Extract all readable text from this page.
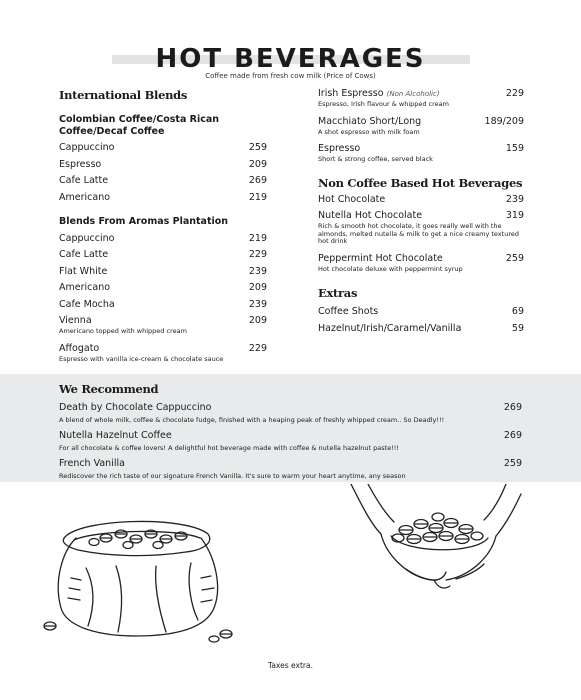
HOT BEVERAGES
Coffee made from fresh cow milk (Price of Cows)
International Blends
Colombian Coffee/Costa Rican Coffee/Decaf Coffee
Cappuccino	259
Espresso	209
Cafe Latte	269
Americano	219
Blends From Aromas Plantation
Cappuccino	219
Cafe Latte	229
Flat White	239
Americano	209
Cafe Mocha	239
Vienna	209
Americano topped with whipped cream
Affogato	229
Espresso with vanilla ice-cream & chocolate sauce
Irish Espresso (Non Alcoholic)	229
Espresso, Irish flavour & whipped cream
Macchiato Short/Long	189/209
A shot espresso with milk foam
Espresso	159
Short & strong coffee, served black
Non Coffee Based Hot Beverages
Hot Chocolate	239
Nutella Hot Chocolate	319
Rich & smooth hot chocolate, it goes really well with the almonds, melted nutella & milk to get a nice creamy textured hot drink
Peppermint Hot Chocolate	259
Hot chocolate deluxe with peppermint syrup
Extras
Coffee Shots	69
Hazelnut/Irish/Caramel/Vanilla	59
We Recommend
Death by Chocolate Cappuccino	269
A blend of whole milk, coffee & chocolate fudge, finished with a heaping peak of freshly whipped cream.. So Deadly!!!
Nutella Hazelnut Coffee	269
For all chocolate & coffee lovers! A delightful hot beverage made with coffee & nutella hazelnut paste!!!
French Vanilla	259
Rediscover the rich taste of our signature French Vanilla. It's sure to warm your heart anytime, any season
Taxes extra.
